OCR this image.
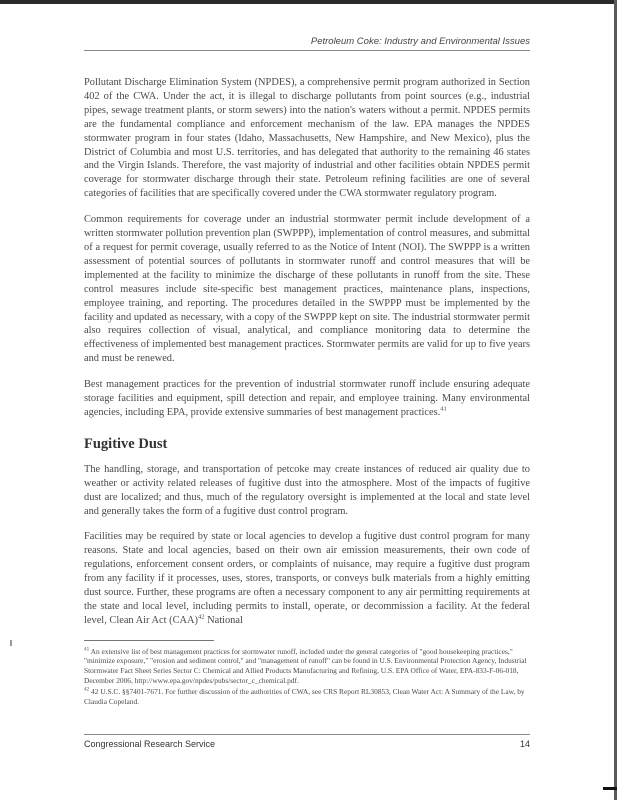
Petroleum Coke: Industry and Environmental Issues

Pollutant Discharge Elimination System (NPDES), a comprehensive permit program authorized in Section 402 of the CWA. Under the act, it is illegal to discharge pollutants from point sources (e.g., industrial pipes, sewage treatment plants, or storm sewers) into the nation's waters without a permit. NPDES permits are the fundamental compliance and enforcement mechanism of the law. EPA manages the NPDES stormwater program in four states (Idaho, Massachusetts, New Hampshire, and New Mexico), plus the District of Columbia and most U.S. territories, and has delegated that authority to the remaining 46 states and the Virgin Islands. Therefore, the vast majority of industrial and other facilities obtain NPDES permit coverage for stormwater discharge through their state. Petroleum refining facilities are one of several categories of facilities that are specifically covered under the CWA stormwater regulatory program.

Common requirements for coverage under an industrial stormwater permit include development of a written stormwater pollution prevention plan (SWPPP), implementation of control measures, and submittal of a request for permit coverage, usually referred to as the Notice of Intent (NOI). The SWPPP is a written assessment of potential sources of pollutants in stormwater runoff and control measures that will be implemented at the facility to minimize the discharge of these pollutants in runoff from the site. These control measures include site-specific best management practices, maintenance plans, inspections, employee training, and reporting. The procedures detailed in the SWPPP must be implemented by the facility and updated as necessary, with a copy of the SWPPP kept on site. The industrial stormwater permit also requires collection of visual, analytical, and compliance monitoring data to determine the effectiveness of implemented best management practices. Stormwater permits are valid for up to five years and must be renewed.

Best management practices for the prevention of industrial stormwater runoff include ensuring adequate storage facilities and equipment, spill detection and repair, and employee training. Many environmental agencies, including EPA, provide extensive summaries of best management practices.$^{41}$

Fugitive Dust

The handling, storage, and transportation of petcoke may create instances of reduced air quality due to weather or activity related releases of fugitive dust into the atmosphere. Most of the impacts of fugitive dust are localized; and thus, much of the regulatory oversight is implemented at the local and state level and generally takes the form of a fugitive dust control program.

Facilities may be required by state or local agencies to develop a fugitive dust control program for many reasons. State and local agencies, based on their own air emission measurements, their own code of regulations, enforcement consent orders, or complaints of nuisance, may require a fugitive dust program from any facility if it processes, uses, stores, transports, or conveys bulk materials from a highly emitting dust source. Further, these programs are often a necessary component to any air permitting requirements at the state and local level, including permits to install, operate, or decommission a facility. At the federal level, Clean Air Act (CAA)$^{42}$ National

$^{41}$ An extensive list of best management practices for stormwater runoff, included under the general categories of "good housekeeping practices," "minimize exposure," "erosion and sediment control," and "management of runoff" can be found in U.S. Environmental Protection Agency, Industrial Stormwater Fact Sheet Series Sector C: Chemical and Allied Products Manufacturing and Refining, U.S. EPA Office of Water, EPA-833-F-06-018, December 2006, http://www.epa.gov/npdes/pubs/sector_c_chemical.pdf.

$^{42}$ 42 U.S.C. §§7401-7671. For further discussion of the authorities of CWA, see CRS Report RL30853, Clean Water Act: A Summary of the Law, by Claudia Copeland.

Congressional Research Service	14
